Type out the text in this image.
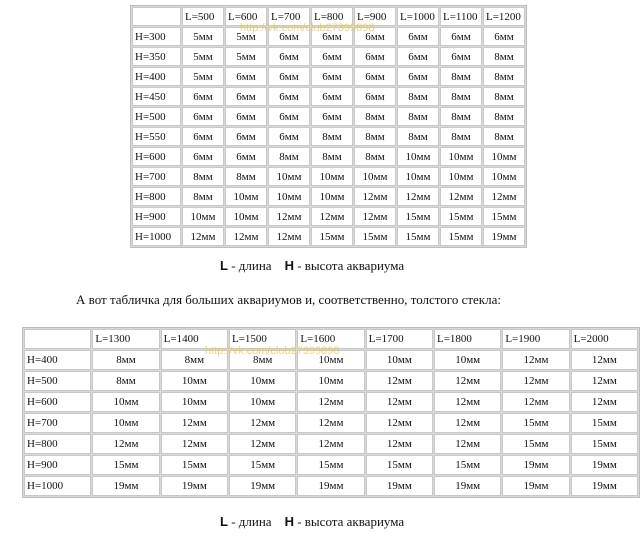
	L=500	L=600	L=700	L=800	L=900	L=1000	L=1100	L=1200
H=300	5мм	5мм	6мм	6мм	6мм	6мм	6мм	6мм
H=350	5мм	5мм	6мм	6мм	6мм	6мм	6мм	8мм
H=400	5мм	6мм	6мм	6мм	6мм	6мм	8мм	8мм
H=450	6мм	6мм	6мм	6мм	6мм	8мм	8мм	8мм
H=500	6мм	6мм	6мм	6мм	8мм	8мм	8мм	8мм
H=550	6мм	6мм	6мм	8мм	8мм	8мм	8мм	8мм
H=600	6мм	6мм	8мм	8мм	8мм	10мм	10мм	10мм
H=700	8мм	8мм	10мм	10мм	10мм	10мм	10мм	10мм
H=800	8мм	10мм	10мм	10мм	12мм	12мм	12мм	12мм
H=900	10мм	10мм	12мм	12мм	12мм	15мм	15мм	15мм
H=1000	12мм	12мм	12мм	15мм	15мм	15мм	15мм	19мм
http://vk.com/club27399898
L - длина H - высота аквариума
А вот табличка для больших аквариумов и, соответственно, толстого стекла:
	L=1300	L=1400	L=1500	L=1600	L=1700	L=1800	L=1900	L=2000
H=400	8мм	8мм	8мм	10мм	10мм	10мм	12мм	12мм
H=500	8мм	10мм	10мм	10мм	12мм	12мм	12мм	12мм
H=600	10мм	10мм	10мм	12мм	12мм	12мм	12мм	12мм
H=700	10мм	12мм	12мм	12мм	12мм	12мм	15мм	15мм
H=800	12мм	12мм	12мм	12мм	12мм	12мм	15мм	15мм
H=900	15мм	15мм	15мм	15мм	15мм	15мм	19мм	19мм
H=1000	19мм	19мм	19мм	19мм	19мм	19мм	19мм	19мм
http://vk.com/club27399898
L - длина H - высота аквариума
